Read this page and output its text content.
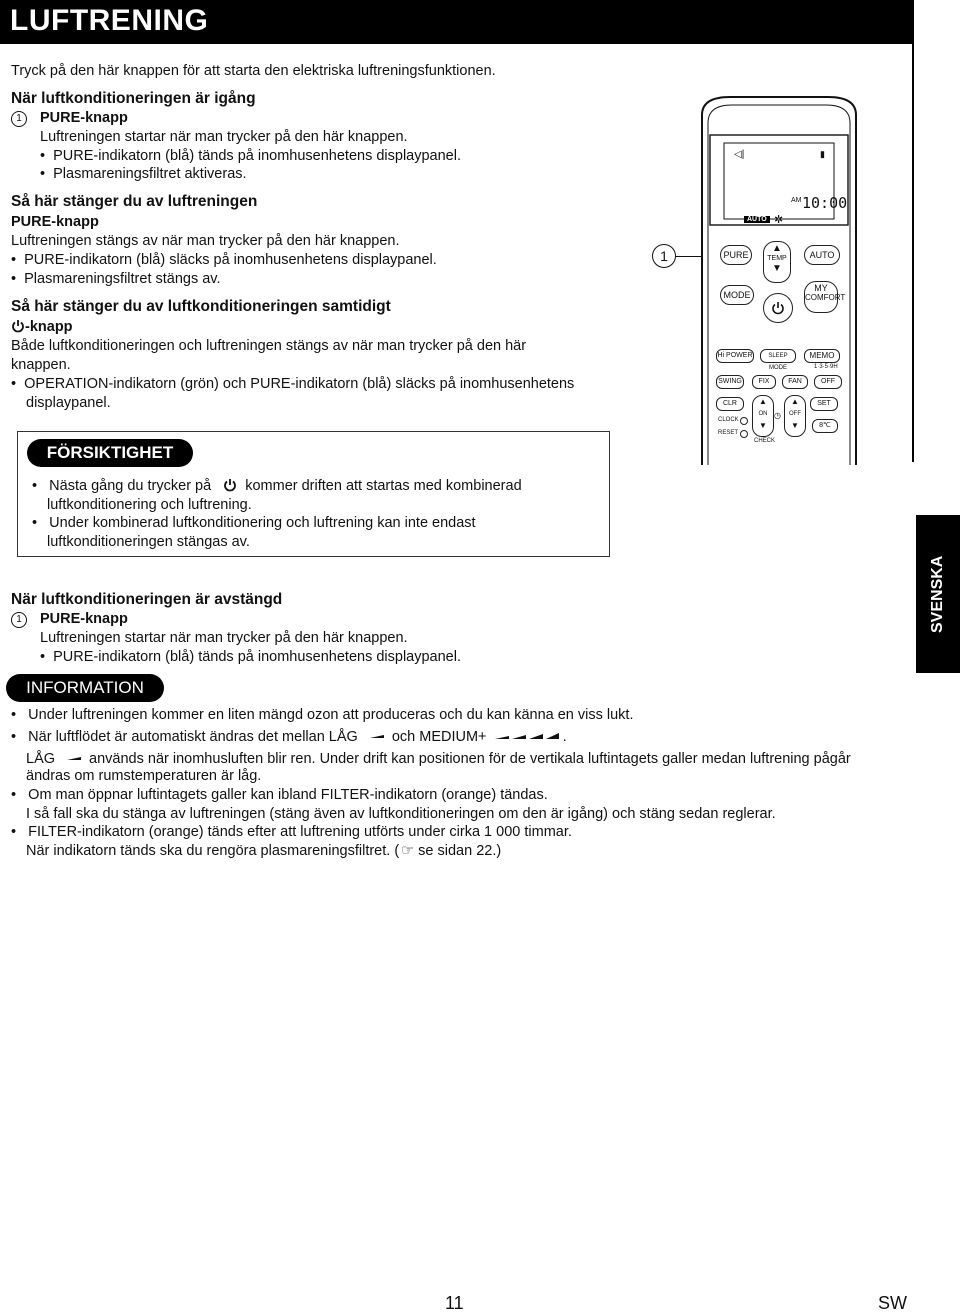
LUFTRENING
Tryck på den här knappen för att starta den elektriska luftreningsfunktionen.
När luftkonditioneringen är igång
1	PURE-knapp
Luftreningen startar när man trycker på den här knappen.
•  PURE-indikatorn (blå) tänds på inomhusenhetens displaypanel.
•  Plasmareningsfiltret aktiveras.
Så här stänger du av luftreningen
PURE-knapp
Luftreningen stängs av när man trycker på den här knappen.
•  PURE-indikatorn (blå) släcks på inomhusenhetens displaypanel.
•  Plasmareningsfiltret stängs av.
Så här stänger du av luftkonditioneringen samtidigt
-knapp
Både luftkonditioneringen och luftreningen stängs av när man trycker på den här
knappen.
•  OPERATION-indikatorn (grön) och PURE-indikatorn (blå) släcks på inomhusenhetens
displaypanel.
FÖRSIKTIGHET
•   Nästa gång du trycker på kommer driften att startas med kombinerad
luftkonditionering och luftrening.
•   Under kombinerad luftkonditionering och luftrening kan inte endast
luftkonditioneringen stängas av.
SVENSKA
När luftkonditioneringen är avstängd
1	PURE-knapp
Luftreningen startar när man trycker på den här knappen.
•  PURE-indikatorn (blå) tänds på inomhusenhetens displaypanel.
INFORMATION
•   Under luftreningen kommer en liten mängd ozon att produceras och du kan känna en viss lukt.
•   När luftflödet är automatiskt ändras det mellan LÅG och MEDIUM+	.
LÅG används när inomhusluften blir ren. Under drift kan positionen för de vertikala luftintagets galler medan luftrening pågår
ändras om rumstemperaturen är låg.
•   Om man öppnar luftintagets galler kan ibland FILTER-indikatorn (orange) tändas.
I så fall ska du stänga av luftreningen (stäng även av luftkonditioneringen om den är igång) och stäng sedan reglerar.
•   FILTER-indikatorn (orange) tänds efter att luftrening utförts under cirka 1 000 timmar.
När indikatorn tänds ska du rengöra plasmareningsfiltret. ( ☞ se sidan 22.)
11	SW
1
◁|	▮
AM 10:00
AUTO ✲
PURE
▲
TEMP
▼
AUTO
MODE
MY
COMFORT
Hi POWER	SLEEP MODE
MEMO
1·3·5·9H
SWING	FIX	FAN	OFF
CLR	SET
CLOCK
RESET
▲
ON
▼
◷
▲
OFF
▼	8℃
CHECK
